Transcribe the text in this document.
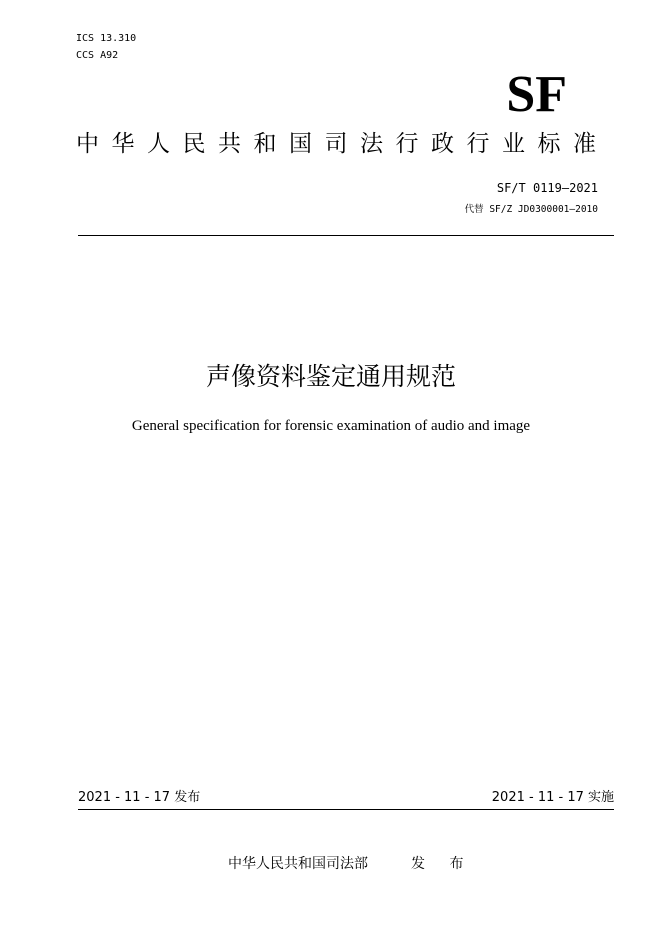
ICS 13.310
CCS A92
SF
中华人民共和国司法行政行业标准
SF/T 0119—2021
代替 SF/Z JD0300001—2010
声像资料鉴定通用规范
General specification for forensic examination of audio and image
2021 - 11 - 17 发布	2021 - 11 - 17 实施
中华人民共和国司法部	发 布
